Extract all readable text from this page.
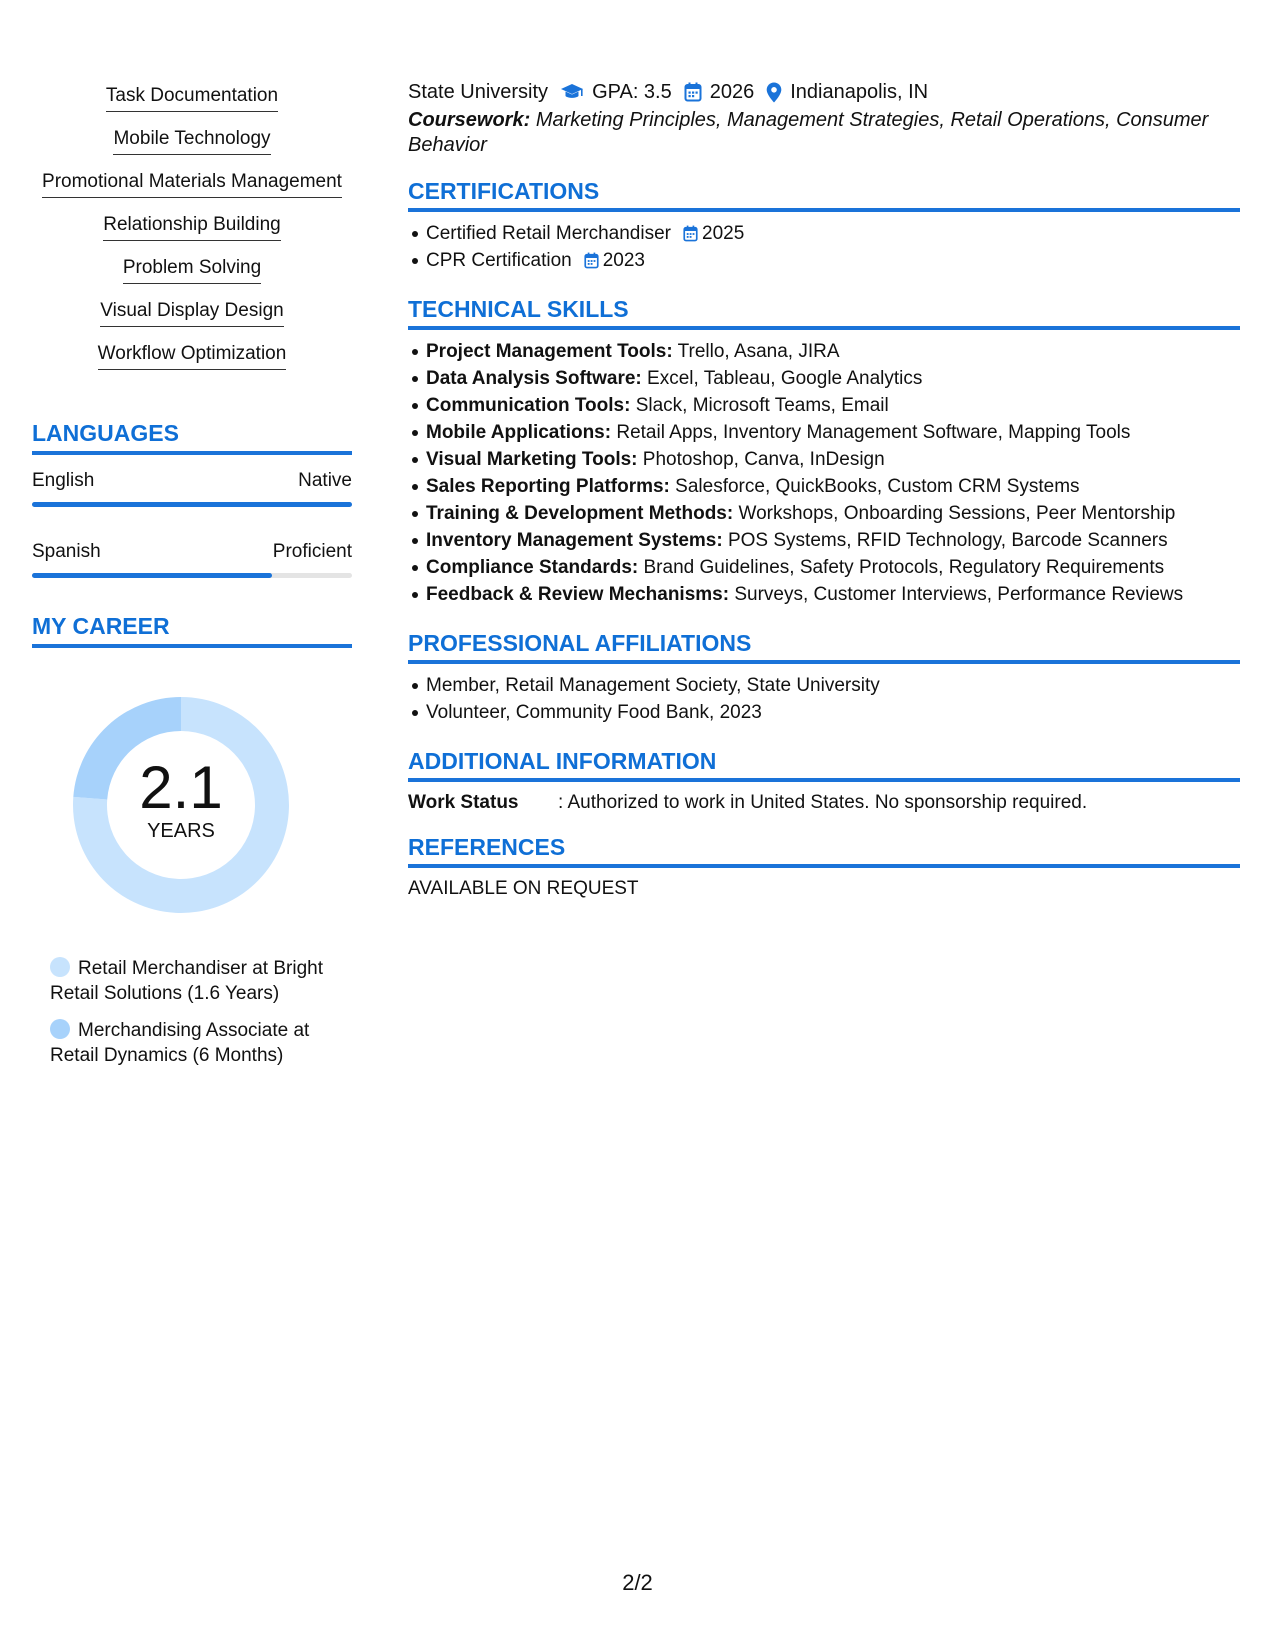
Task Documentation
Mobile Technology
Promotional Materials Management
Relationship Building
Problem Solving
Visual Display Design
Workflow Optimization
LANGUAGES
English	Native
Spanish	Proficient
MY CAREER
2.1
YEARS
Retail Merchandiser at Bright Retail Solutions (1.6 Years)
Merchandising Associate at Retail Dynamics (6 Months)
State University GPA: 3.5 2026 Indianapolis, IN
Coursework: Marketing Principles, Management Strategies, Retail Operations, Consumer Behavior
CERTIFICATIONS
Certified Retail Merchandiser 2025
CPR Certification 2023
TECHNICAL SKILLS
Project Management Tools: Trello, Asana, JIRA
Data Analysis Software: Excel, Tableau, Google Analytics
Communication Tools: Slack, Microsoft Teams, Email
Mobile Applications: Retail Apps, Inventory Management Software, Mapping Tools
Visual Marketing Tools: Photoshop, Canva, InDesign
Sales Reporting Platforms: Salesforce, QuickBooks, Custom CRM Systems
Training & Development Methods: Workshops, Onboarding Sessions, Peer Mentorship
Inventory Management Systems: POS Systems, RFID Technology, Barcode Scanners
Compliance Standards: Brand Guidelines, Safety Protocols, Regulatory Requirements
Feedback & Review Mechanisms: Surveys, Customer Interviews, Performance Reviews
PROFESSIONAL AFFILIATIONS
Member, Retail Management Society, State University
Volunteer, Community Food Bank, 2023
ADDITIONAL INFORMATION
Work Status	: Authorized to work in United States. No sponsorship required.
REFERENCES
AVAILABLE ON REQUEST
2/2
